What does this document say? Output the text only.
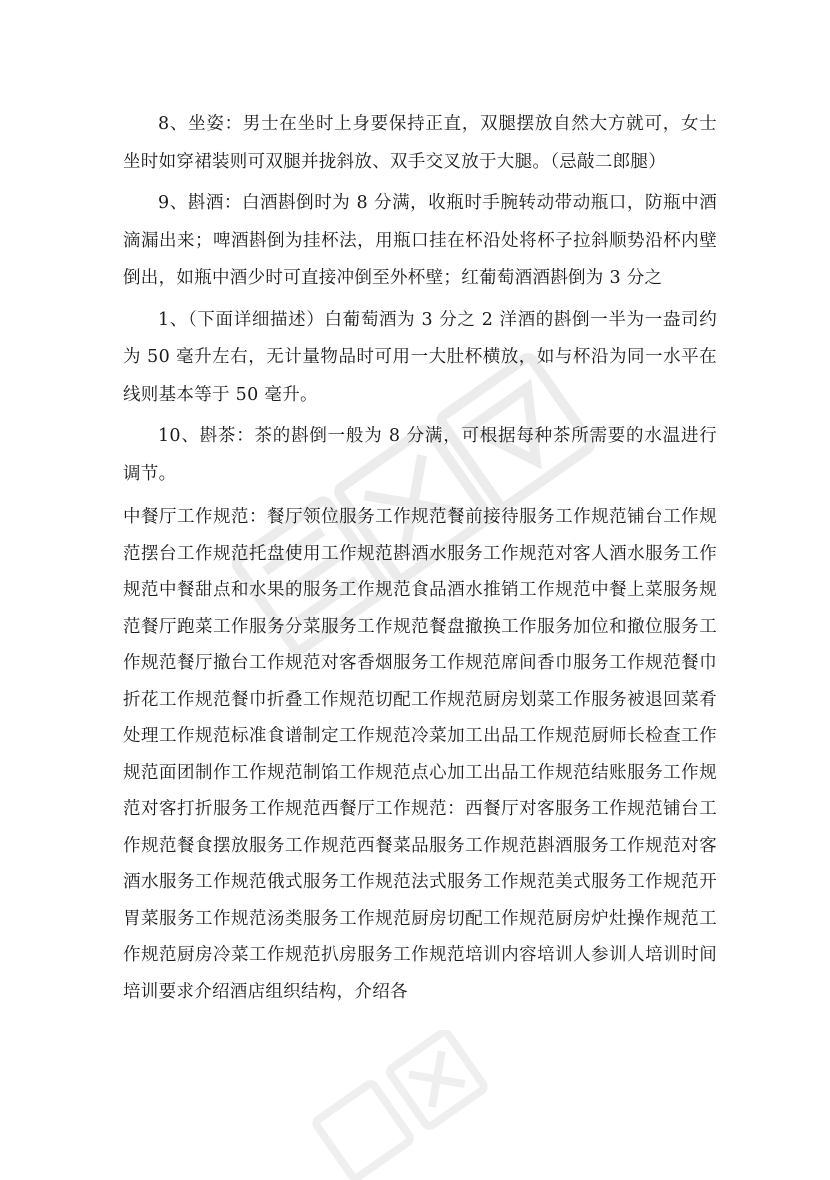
8、坐姿：男士在坐时上身要保持正直，双腿摆放自然大方就可，女士坐时如穿裙装则可双腿并拢斜放、双手交叉放于大腿。（忌敲二郎腿）

9、斟酒：白酒斟倒时为 8 分满，收瓶时手腕转动带动瓶口，防瓶中酒滴漏出来；啤酒斟倒为挂杯法，用瓶口挂在杯沿处将杯子拉斜顺势沿杯内壁倒出，如瓶中酒少时可直接冲倒至外杯壁；红葡萄酒酒斟倒为 3 分之

1、（下面详细描述）白葡萄酒为 3 分之 2 洋酒的斟倒一半为一盎司约为 50 毫升左右，无计量物品时可用一大肚杯横放，如与杯沿为同一水平在线则基本等于 50 毫升。

10、斟茶：茶的斟倒一般为 8 分满，可根据每种茶所需要的水温进行调节。

中餐厅工作规范：餐厅领位服务工作规范餐前接待服务工作规范铺台工作规范摆台工作规范托盘使用工作规范斟酒水服务工作规范对客人酒水服务工作规范中餐甜点和水果的服务工作规范食品酒水推销工作规范中餐上菜服务规范餐厅跑菜工作服务分菜服务工作规范餐盘撤换工作服务加位和撤位服务工作规范餐厅撤台工作规范对客香烟服务工作规范席间香巾服务工作规范餐巾折花工作规范餐巾折叠工作规范切配工作规范厨房划菜工作服务被退回菜肴处理工作规范标准食谱制定工作规范冷菜加工出品工作规范厨师长检查工作规范面团制作工作规范制馅工作规范点心加工出品工作规范结账服务工作规范对客打折服务工作规范西餐厅工作规范：西餐厅对客服务工作规范铺台工作规范餐食摆放服务工作规范西餐菜品服务工作规范斟酒服务工作规范对客酒水服务工作规范俄式服务工作规范法式服务工作规范美式服务工作规范开胃菜服务工作规范汤类服务工作规范厨房切配工作规范厨房炉灶操作规范工作规范厨房冷菜工作规范扒房服务工作规范培训内容培训人参训人培训时间培训要求介绍酒店组织结构，介绍各
